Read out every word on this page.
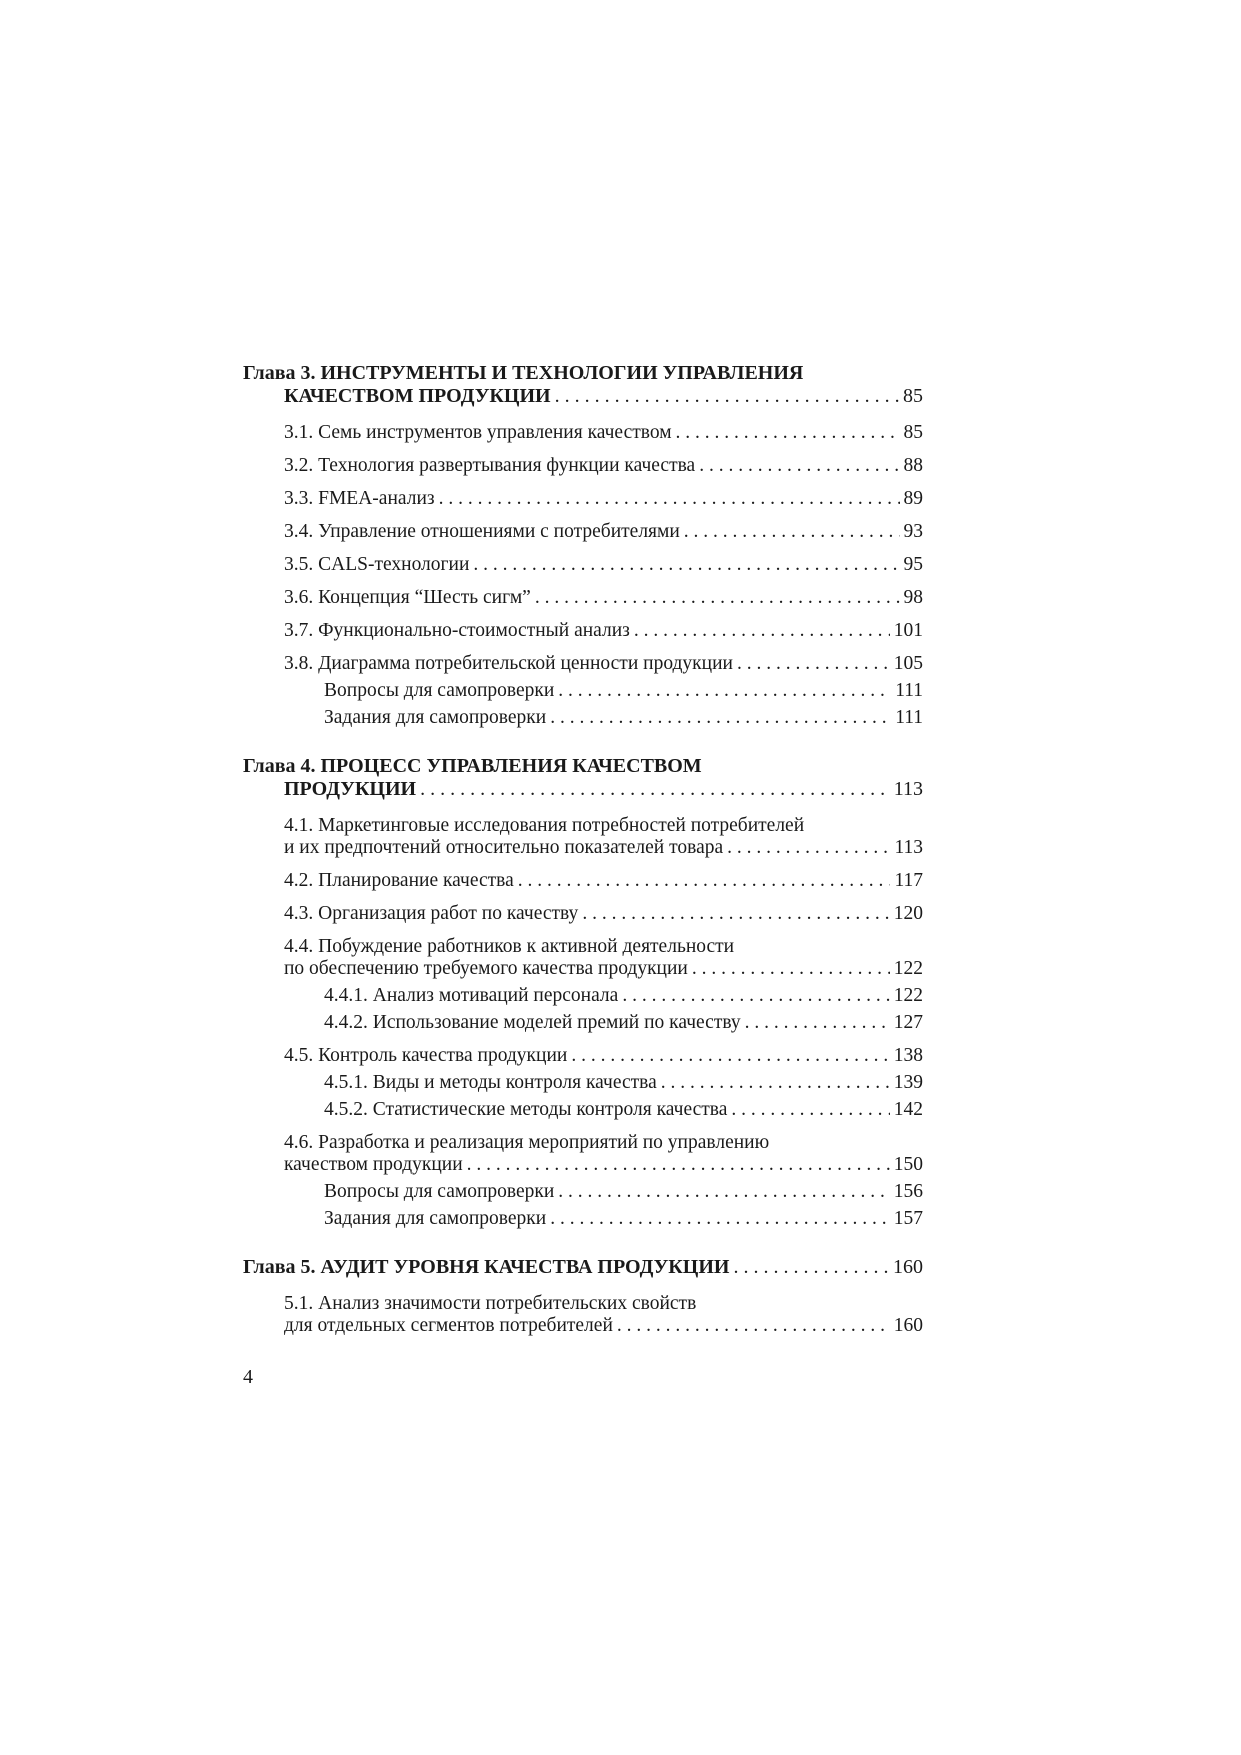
Глава 3. ИНСТРУМЕНТЫ И ТЕХНОЛОГИИ УПРАВЛЕНИЯ
КАЧЕСТВОМ ПРОДУКЦИИ . . .	85
3.1. Семь инструментов управления качеством . . .	85
3.2. Технология развертывания функции качества . . .	88
3.3. FMEA-анализ . . .	89
3.4. Управление отношениями с потребителями . . .	93
3.5. CALS-технологии . . .	95
3.6. Концепция “Шесть сигм” . . .	98
3.7. Функционально-стоимостный анализ . . .	101
3.8. Диаграмма потребительской ценности продукции . . .	105
Вопросы для самопроверки . . .	111
Задания для самопроверки . . .	111
Глава 4. ПРОЦЕСС УПРАВЛЕНИЯ КАЧЕСТВОМ
ПРОДУКЦИИ . . .	113
4.1. Маркетинговые исследования потребностей потребителей
и их предпочтений относительно показателей товара . . .	113
4.2. Планирование качества . . .	117
4.3. Организация работ по качеству . . .	120
4.4. Побуждение работников к активной деятельности
по обеспечению требуемого качества продукции . . .	122
4.4.1. Анализ мотиваций персонала . . .	122
4.4.2. Использование моделей премий по качеству . . .	127
4.5. Контроль качества продукции . . .	138
4.5.1. Виды и методы контроля качества . . .	139
4.5.2. Статистические методы контроля качества . . .	142
4.6. Разработка и реализация мероприятий по управлению
качеством продукции . . .	150
Вопросы для самопроверки . . .	156
Задания для самопроверки . . .	157
Глава 5. АУДИТ УРОВНЯ КАЧЕСТВА ПРОДУКЦИИ . . .	160
5.1. Анализ значимости потребительских свойств
для отдельных сегментов потребителей . . .	160
4
